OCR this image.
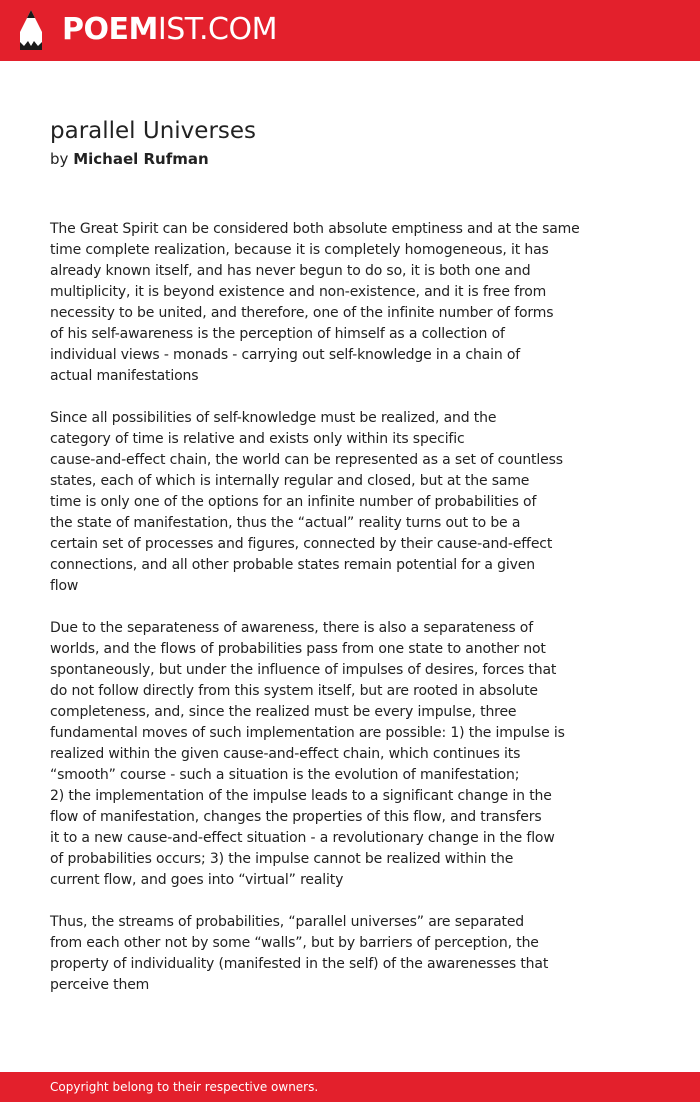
POEMIST.COM
parallel Universes
by Michael Rufman
The Great Spirit can be considered both absolute emptiness and at the same
time complete realization, because it is completely homogeneous, it has
already known itself, and has never begun to do so, it is both one and
multiplicity, it is beyond existence and non-existence, and it is free from
necessity to be united, and therefore, one of the infinite number of forms
of his self-awareness is the perception of himself as a collection of
individual views - monads - carrying out self-knowledge in a chain of
actual manifestations
Since all possibilities of self-knowledge must be realized, and the
category of time is relative and exists only within its specific
cause-and-effect chain, the world can be represented as a set of countless
states, each of which is internally regular and closed, but at the same
time is only one of the options for an infinite number of probabilities of
the state of manifestation, thus the “actual” reality turns out to be a
certain set of processes and figures, connected by their cause-and-effect
connections, and all other probable states remain potential for a given
flow
Due to the separateness of awareness, there is also a separateness of
worlds, and the flows of probabilities pass from one state to another not
spontaneously, but under the influence of impulses of desires, forces that
do not follow directly from this system itself, but are rooted in absolute
completeness, and, since the realized must be every impulse, three
fundamental moves of such implementation are possible: 1) the impulse is
realized within the given cause-and-effect chain, which continues its
“smooth” course - such a situation is the evolution of manifestation;
2) the implementation of the impulse leads to a significant change in the
flow of manifestation, changes the properties of this flow, and transfers
it to a new cause-and-effect situation - a revolutionary change in the flow
of probabilities occurs; 3) the impulse cannot be realized within the
current flow, and goes into “virtual” reality
Thus, the streams of probabilities, “parallel universes” are separated
from each other not by some “walls”, but by barriers of perception, the
property of individuality (manifested in the self) of the awarenesses that
perceive them
Copyright belong to their respective owners.
